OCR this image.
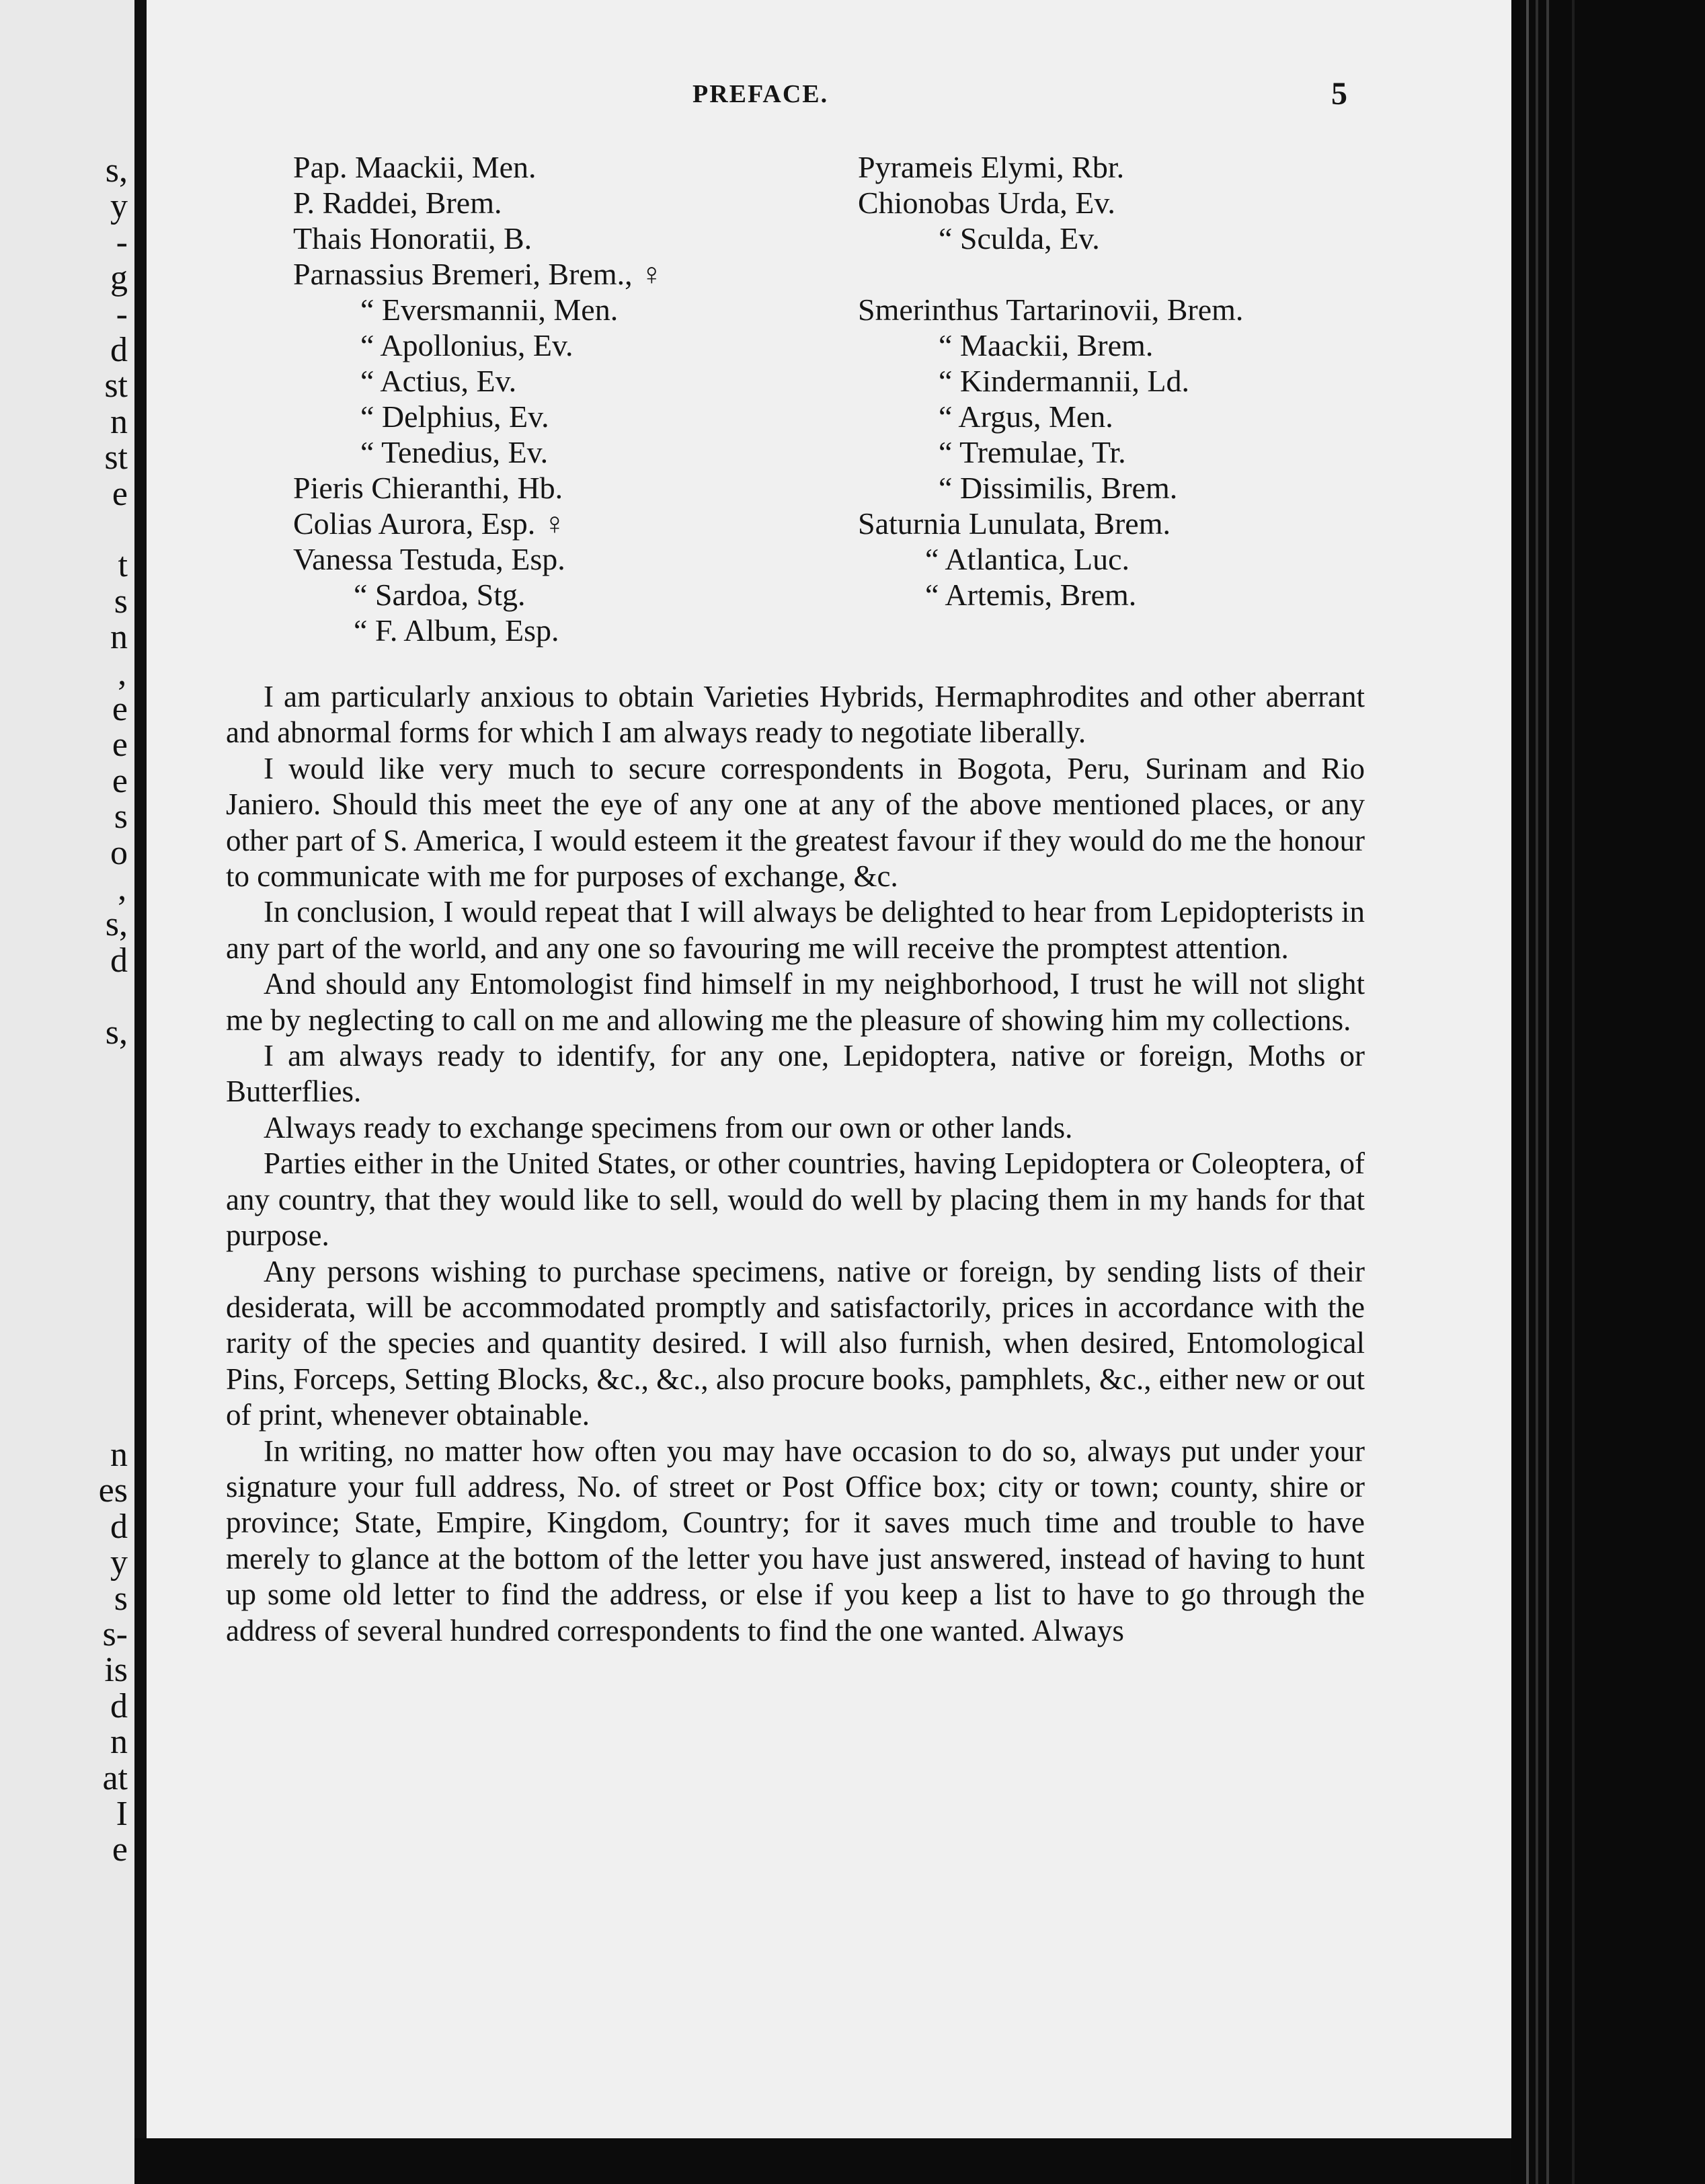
s,
y
-
g
-
d
st
n
st
e
t
s
n
‚
e
e
e
s
o
‚
s,
d
s,
n
es
d
y
s
s-
is
d
n
at
I
e
PREFACE.	5
Pap. Maackii, Men.
P. Raddei, Brem.
Thais Honoratii, B.
Parnassius Bremeri, Brem., ♀
“ Eversmannii, Men.
“ Apollonius, Ev.
“ Actius, Ev.
“ Delphius, Ev.
“ Tenedius, Ev.
Pieris Chieranthi, Hb.
Colias Aurora, Esp. ♀
Vanessa Testuda, Esp.
“ Sardoa, Stg.
“ F. Album, Esp.
Pyrameis Elymi, Rbr.
Chionobas Urda, Ev.
“ Sculda, Ev.
Smerinthus Tartarinovii, Brem.
“ Maackii, Brem.
“ Kindermannii, Ld.
“ Argus, Men.
“ Tremulae, Tr.
“ Dissimilis, Brem.
Saturnia Lunulata, Brem.
“ Atlantica, Luc.
“ Artemis, Brem.

I am particularly anxious to obtain Varieties Hybrids, Hermaphrodites and other aberrant and abnormal forms for which I am always ready to negotiate liberally.

I would like very much to secure correspondents in Bogota, Peru, Surinam and Rio Janiero. Should this meet the eye of any one at any of the above mentioned places, or any other part of S. America, I would esteem it the greatest favour if they would do me the honour to communicate with me for purposes of exchange, &c.

In conclusion, I would repeat that I will always be delighted to hear from Lepidopterists in any part of the world, and any one so favouring me will receive the promptest attention.

And should any Entomologist find himself in my neighborhood, I trust he will not slight me by neglecting to call on me and allowing me the pleasure of showing him my collections.

I am always ready to identify, for any one, Lepidoptera, native or foreign, Moths or Butterflies.

Always ready to exchange specimens from our own or other lands.

Parties either in the United States, or other countries, having Lepidoptera or Coleoptera, of any country, that they would like to sell, would do well by placing them in my hands for that purpose.

Any persons wishing to purchase specimens, native or foreign, by sending lists of their desiderata, will be accommodated promptly and satisfactorily, prices in accordance with the rarity of the species and quantity desired. I will also furnish, when desired, Entomological Pins, Forceps, Setting Blocks, &c., &c., also procure books, pamphlets, &c., either new or out of print, whenever obtainable.

In writing, no matter how often you may have occasion to do so, always put under your signature your full address, No. of street or Post Office box; city or town; county, shire or province; State, Empire, Kingdom, Country; for it saves much time and trouble to have merely to glance at the bottom of the letter you have just answered, instead of having to hunt up some old letter to find the address, or else if you keep a list to have to go through the address of several hundred correspondents to find the one wanted. Always
